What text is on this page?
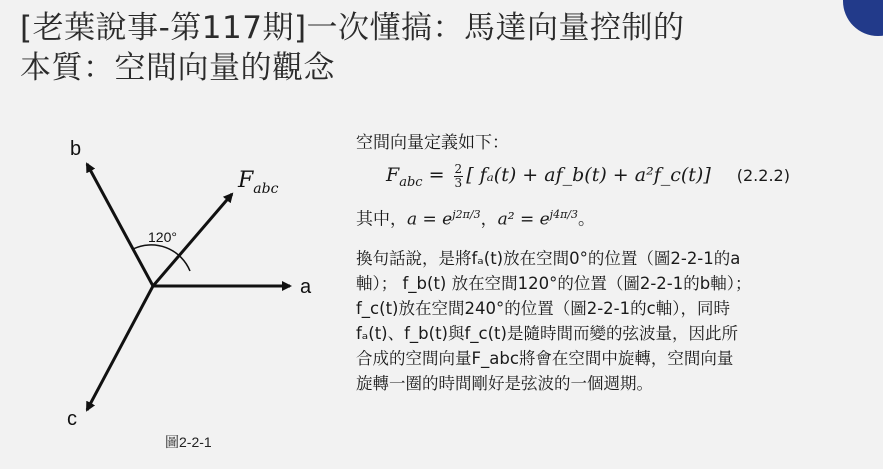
[老葉說事-第117期]一次懂搞：馬達向量控制的
本質：空間向量的觀念
b
a
c
$F_{abc}$
120°
圖2-2-1

空間向量定義如下：

$F_{abc} = \frac{2}{3}$ [ fₐ(t) + af_b(t) + a²f_c(t)] (2.2.2)

其中，$a = e^{j2\pi/3}$，$a^2 = e^{j4\pi/3}$。

換句話說，是將fₐ(t)放在空間0°的位置（圖2-2-1的a

軸）； f_b(t) 放在空間120°的位置（圖2-2-1的b軸）；

f_c(t)放在空間240°的位置（圖2-2-1的c軸），同時

fₐ(t)、f_b(t)與f_c(t)是隨時間而變的弦波量，因此所

合成的空間向量F_abc將會在空間中旋轉，空間向量

旋轉一圈的時間剛好是弦波的一個週期。
